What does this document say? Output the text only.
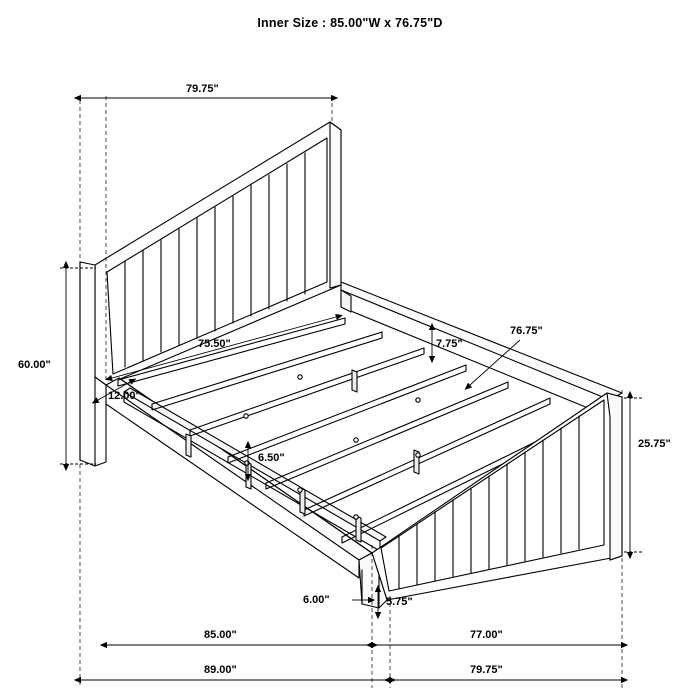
Inner Size : 85.00"W x 76.75"D
79.75"
60.00"
75.50"	7.75"
76.75"
12.00"
25.75"
6.50"
6.00"	5.75"
85.00"	77.00"
89.00"	79.75"
